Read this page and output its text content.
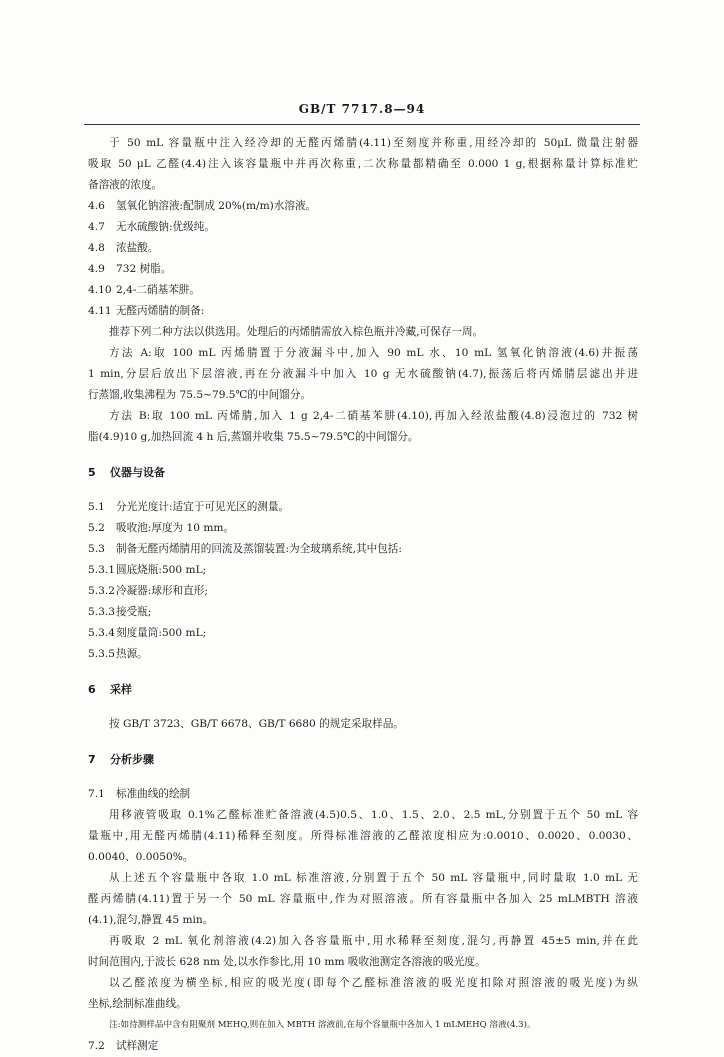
GB/T 7717.8—94
于 50 mL 容量瓶中注入经冷却的无醛丙烯腈(4.11)至刻度并称重,用经冷却的 50μL 微量注射器
吸取 50 μL 乙醛(4.4)注入该容量瓶中并再次称重,二次称量都精确至 0.000 1 g,根据称量计算标准贮
备溶液的浓度。
4.6	氢氧化钠溶液:配制成 20%(m/m)水溶液。
4.7	无水硫酸钠:优级纯。
4.8	浓盐酸。
4.9	732 树脂。
4.10 2,4-二硝基苯肼。
4.11 无醛丙烯腈的制备:
推荐下列二种方法以供选用。处理后的丙烯腈需放入棕色瓶并冷藏,可保存一周。
方法 A:取 100 mL 丙烯腈置于分液漏斗中,加入 90 mL 水、10 mL 氢氧化钠溶液(4.6)并振荡
1 min,分层后放出下层溶液,再在分液漏斗中加入 10 g 无水硫酸钠(4.7),振荡后将丙烯腈层滤出并进
行蒸馏,收集沸程为 75.5~79.5℃的中间馏分。
方法 B:取 100 mL 丙烯腈,加入 1 g 2,4-二硝基苯肼(4.10),再加入经浓盐酸(4.8)浸泡过的 732 树
脂(4.9)10 g,加热回流 4 h 后,蒸馏并收集 75.5~79.5℃的中间馏分。
5	仪器与设备
5.1	分光光度计:适宜于可见光区的测量。
5.2	吸收池:厚度为 10 mm。
5.3	制备无醛丙烯腈用的回流及蒸馏装置:为全玻璃系统,其中包括:
5.3.1 圆底烧瓶:500 mL;
5.3.2 冷凝器:球形和直形;
5.3.3 接受瓶;
5.3.4 刻度量筒:500 mL;
5.3.5 热源。
6	采样
按 GB/T 3723、GB/T 6678、GB/T 6680 的规定采取样品。
7	分析步骤
7.1	标准曲线的绘制
用移液管吸取 0.1%乙醛标准贮备溶液(4.5)0.5、1.0、1.5、2.0、2.5 mL,分别置于五个 50 mL 容
量瓶中,用无醛丙烯腈(4.11)稀释至刻度。所得标准溶液的乙醛浓度相应为:0.0010、0.0020、0.0030、
0.0040、0.0050%。
从上述五个容量瓶中各取 1.0 mL 标准溶液,分别置于五个 50 mL 容量瓶中,同时量取 1.0 mL 无
醛丙烯腈(4.11)置于另一个 50 mL 容量瓶中,作为对照溶液。所有容量瓶中各加入 25 mLMBTH 溶液
(4.1),混匀,静置 45 min。
再吸取 2 mL 氧化剂溶液(4.2)加入各容量瓶中,用水稀释至刻度,混匀,再静置 45±5 min,并在此
时间范围内,于波长 628 nm 处,以水作参比,用 10 mm 吸收池测定各溶液的吸光度。
以乙醛浓度为横坐标,相应的吸光度(即每个乙醛标准溶液的吸光度扣除对照溶液的吸光度)为纵
坐标,绘制标准曲线。
注:如待测样品中含有阻聚剂 MEHQ,则在加入 MBTH 溶液前,在每个容量瓶中各加入 1 mLMEHQ 溶液(4.3)。
7.2	试样测定
